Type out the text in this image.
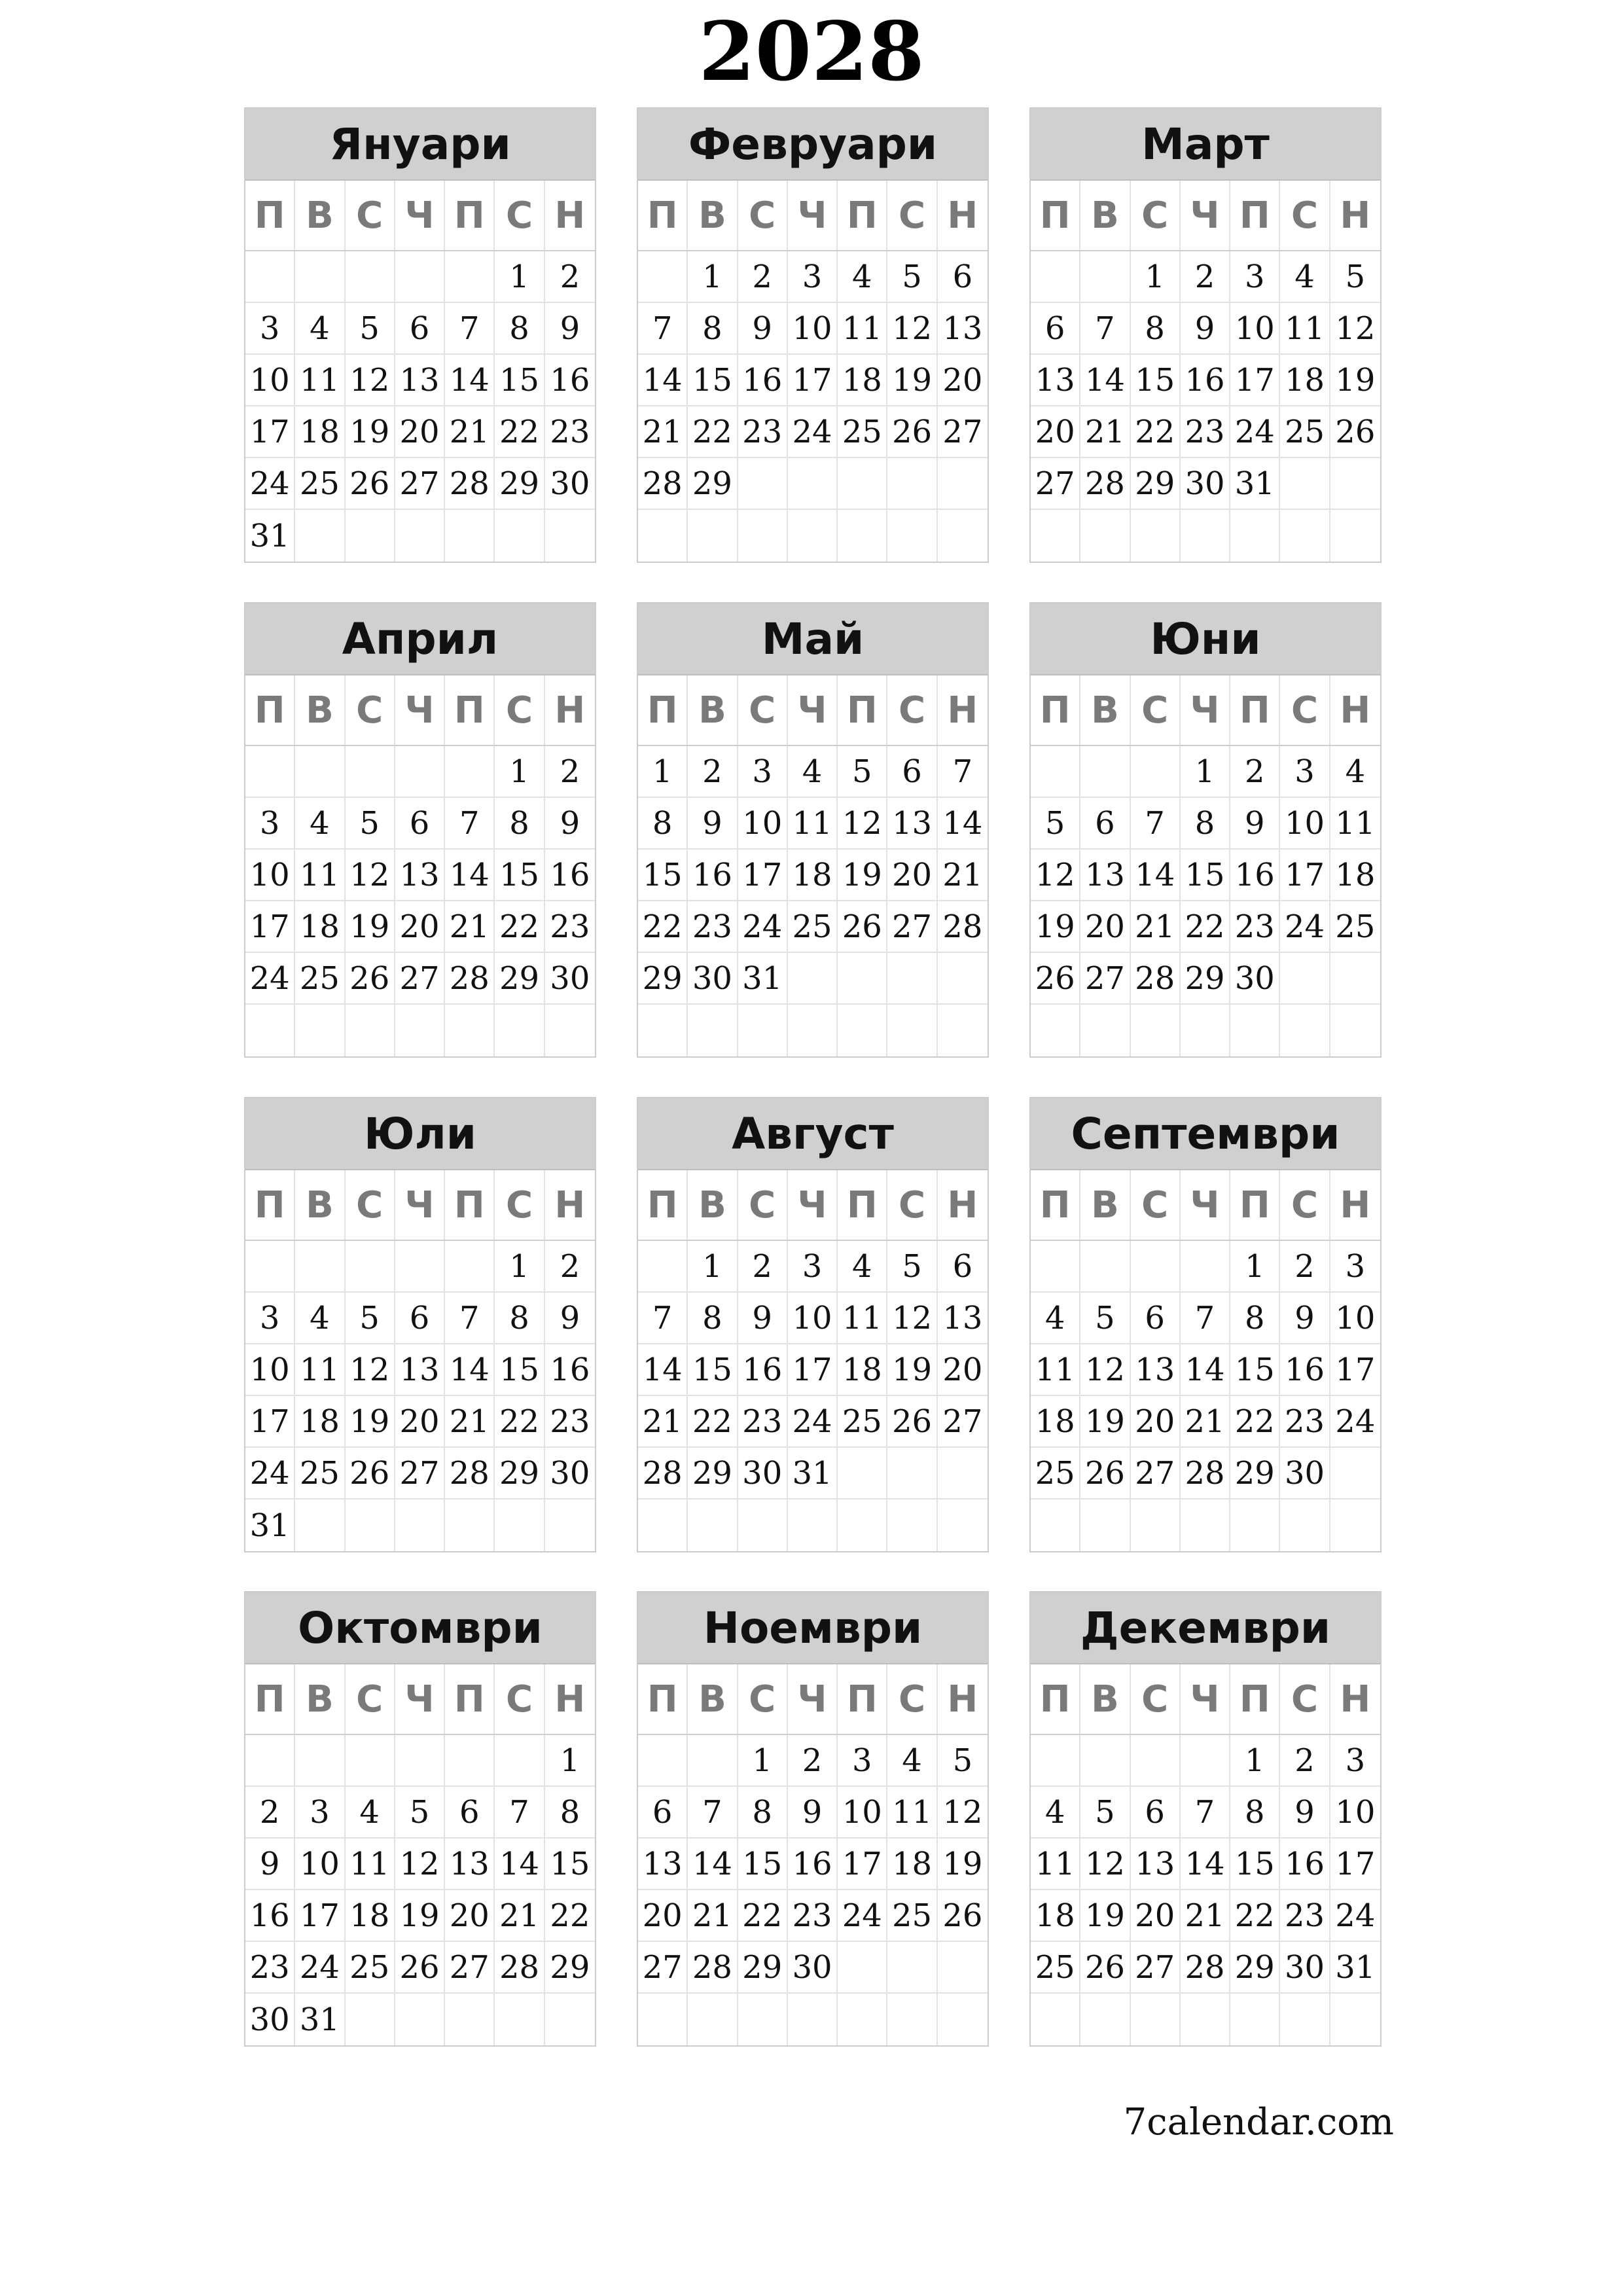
2028
Януари
П В С Ч П С Н
1 2
3 4 5 6 7 8 9
10 11 12 13 14 15 16
17 18 19 20 21 22 23
24 25 26 27 28 29 30
31
Февруари
П В С Ч П С Н
1 2 3 4 5 6
7 8 9 10 11 12 13
14 15 16 17 18 19 20
21 22 23 24 25 26 27
28 29
Март
П В С Ч П С Н
1 2 3 4 5
6 7 8 9 10 11 12
13 14 15 16 17 18 19
20 21 22 23 24 25 26
27 28 29 30 31
Април
П В С Ч П С Н
1 2
3 4 5 6 7 8 9
10 11 12 13 14 15 16
17 18 19 20 21 22 23
24 25 26 27 28 29 30
Май
П В С Ч П С Н
1 2 3 4 5 6 7
8 9 10 11 12 13 14
15 16 17 18 19 20 21
22 23 24 25 26 27 28
29 30 31
Юни
П В С Ч П С Н
1 2 3 4
5 6 7 8 9 10 11
12 13 14 15 16 17 18
19 20 21 22 23 24 25
26 27 28 29 30
Юли
П В С Ч П С Н
1 2
3 4 5 6 7 8 9
10 11 12 13 14 15 16
17 18 19 20 21 22 23
24 25 26 27 28 29 30
31
Август
П В С Ч П С Н
1 2 3 4 5 6
7 8 9 10 11 12 13
14 15 16 17 18 19 20
21 22 23 24 25 26 27
28 29 30 31
Септември
П В С Ч П С Н
1 2 3
4 5 6 7 8 9 10
11 12 13 14 15 16 17
18 19 20 21 22 23 24
25 26 27 28 29 30
Октомври
П В С Ч П С Н
1
2 3 4 5 6 7 8
9 10 11 12 13 14 15
16 17 18 19 20 21 22
23 24 25 26 27 28 29
30 31
Ноември
П В С Ч П С Н
1 2 3 4 5
6 7 8 9 10 11 12
13 14 15 16 17 18 19
20 21 22 23 24 25 26
27 28 29 30
Декември
П В С Ч П С Н
1 2 3
4 5 6 7 8 9 10
11 12 13 14 15 16 17
18 19 20 21 22 23 24
25 26 27 28 29 30 31
7calendar.com
